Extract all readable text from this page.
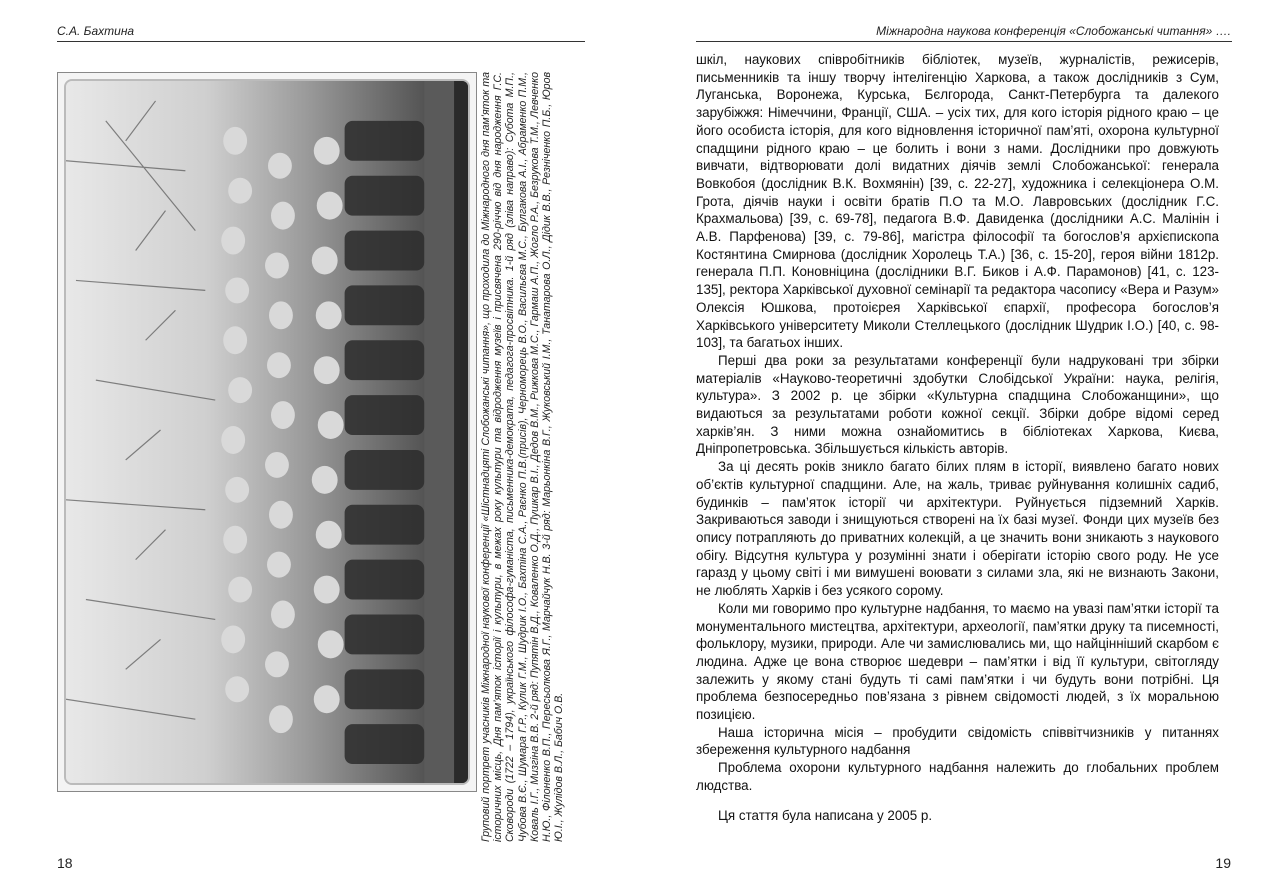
С.А. Бахтина

Груповий портрет учасників Міжнародної наукової конференції «Шістнадцяті Слобожанські читання», що проходила до Міжнародного дня пам’яток та історичних місць, Дня пам’яток історії і культури, в межах року культури та відродження музеїв і присвячена 290-річчю від дня народження Г.С. Сковороди (1722 – 1794), українського філософа-гуманіста, письменника-демократа, педагога-просвітника. 1-й ряд (зліва направо): Субота М.П., Чубова В.Є., Шумара Г.Р., Кулик Г.М., Шудрик І.О., Бахтіна С.А., Раєнко П.В.(присів), Черноморець В.О., Васильєва М.С., Булгакова А.І., Абраменко П.М., Коваль І.Г., Мизгіна В.В. 2-й ряд: Пупятін В.Д., Коваленко О.Д., Пушкар В.І., Дедов В.М., Рижкова М.С., Гармаш А.П., Жогло Р.А., Безрукова Т.М., Левченко Н.Ю., Філоненко В.П., Пересьолкова Я.Г., Марчайчук Н.В. 3-й ряд: Марьонкіна В.Г., Жуковський І.М., Танатарова О.Л., Дідик В.В., Резніченко П.Б., Юров Ю.І., Жулідов В.Л., Бабич О.В.

18
Міжнародна наукова конференція «Слобожанські читання» ….

шкіл, наукових співробітників бібліотек, музеїв, журналістів, режисерів, письменників та іншу творчу інтелігенцію Харкова, а також дослідників з Сум, Луганська, Воронежа, Курська, Бєлгорода, Санкт-Петербурга та далекого зарубіжжя: Німеччини, Франції, США. – усіх тих, для кого історія рідного краю – це його особиста історія, для кого відновлення історичної пам’яті, охорона культурної спадщини рідного краю – це болить і вони з нами. Дослідники про довжують вивчати, відтворювати долі видатних діячів землі Слобожанської: генерала Вовкобоя (дослідник В.К. Вохмянін) [39, с. 22-27], художника і селекціонера О.М. Грота, діячів науки і освіти братів П.О та М.О. Лавровських (дослідник Г.С. Крахмальова) [39, с. 69-78], педагога В.Ф. Давиденка (дослідники А.С. Малінін і А.В. Парфенова) [39, с. 79-86], магістра філософії та богослов’я архієпископа Костянтина Смирнова (дослідник Хоролець Т.А.) [36, с. 15-20], героя війни 1812р. генерала П.П. Коновніцина (дослідники В.Г. Биков і А.Ф. Парамонов) [41, с. 123-135], ректора Харківської духовної семінарії та редактора часопису «Вера и Разум» Олексія Юшкова, протоієрея Харківської єпархії, професора богослов’я Харківського університету Миколи Стеллецького (дослідник Шудрик І.О.) [40, с. 98-103], та багатьох інших.

Перші два роки за результатами конференції були надруковані три збірки матеріалів «Науково-теоретичні здобутки Слобідської України: наука, релігія, культура». З 2002 р. це збірки «Культурна спадщина Слобожанщини», що видаються за результатами роботи кожної секції. Збірки добре відомі серед харків’ян. З ними можна ознайомитись в бібліотеках Харкова, Києва, Дніпропетровська. Збільшується кількість авторів.

За ці десять років зникло багато білих плям в історії, виявлено багато нових об’єктів культурної спадщини. Але, на жаль, триває руйнування колишніх садиб, будинків – пам’яток історії чи архітектури. Руйнується підземний Харків. Закриваються заводи і знищуються створені на їх базі музеї. Фонди цих музеїв без опису потрапляють до приватних колекцій, а це значить вони зникають з наукового обігу. Відсутня культура у розумінні знати і оберігати історію свого роду. Не усе гаразд у цьому світі і ми вимушені воювати з силами зла, які не визнають Закони, не люблять Харків і без усякого сорому.

Коли ми говоримо про культурне надбання, то маємо на увазі пам’ятки історії та монументального мистецтва, архітектури, археології, пам’ятки друку та писемності, фольклору, музики, природи. Але чи замислювались ми, що найцінніший скарбом є людина. Адже це вона створює шедеври – пам’ятки і від її культури, світогляду залежить у якому стані будуть ті самі пам’ятки і чи будуть вони потрібні. Ця проблема безпосередньо пов’язана з рівнем свідомості людей, з їх моральною позицією.

Наша історична місія – пробудити свідомість співвітчизників у питаннях збереження культурного надбання

Проблема охорони культурного надбання належить до глобальних проблем людства.

Ця стаття була написана у 2005 р.

19
